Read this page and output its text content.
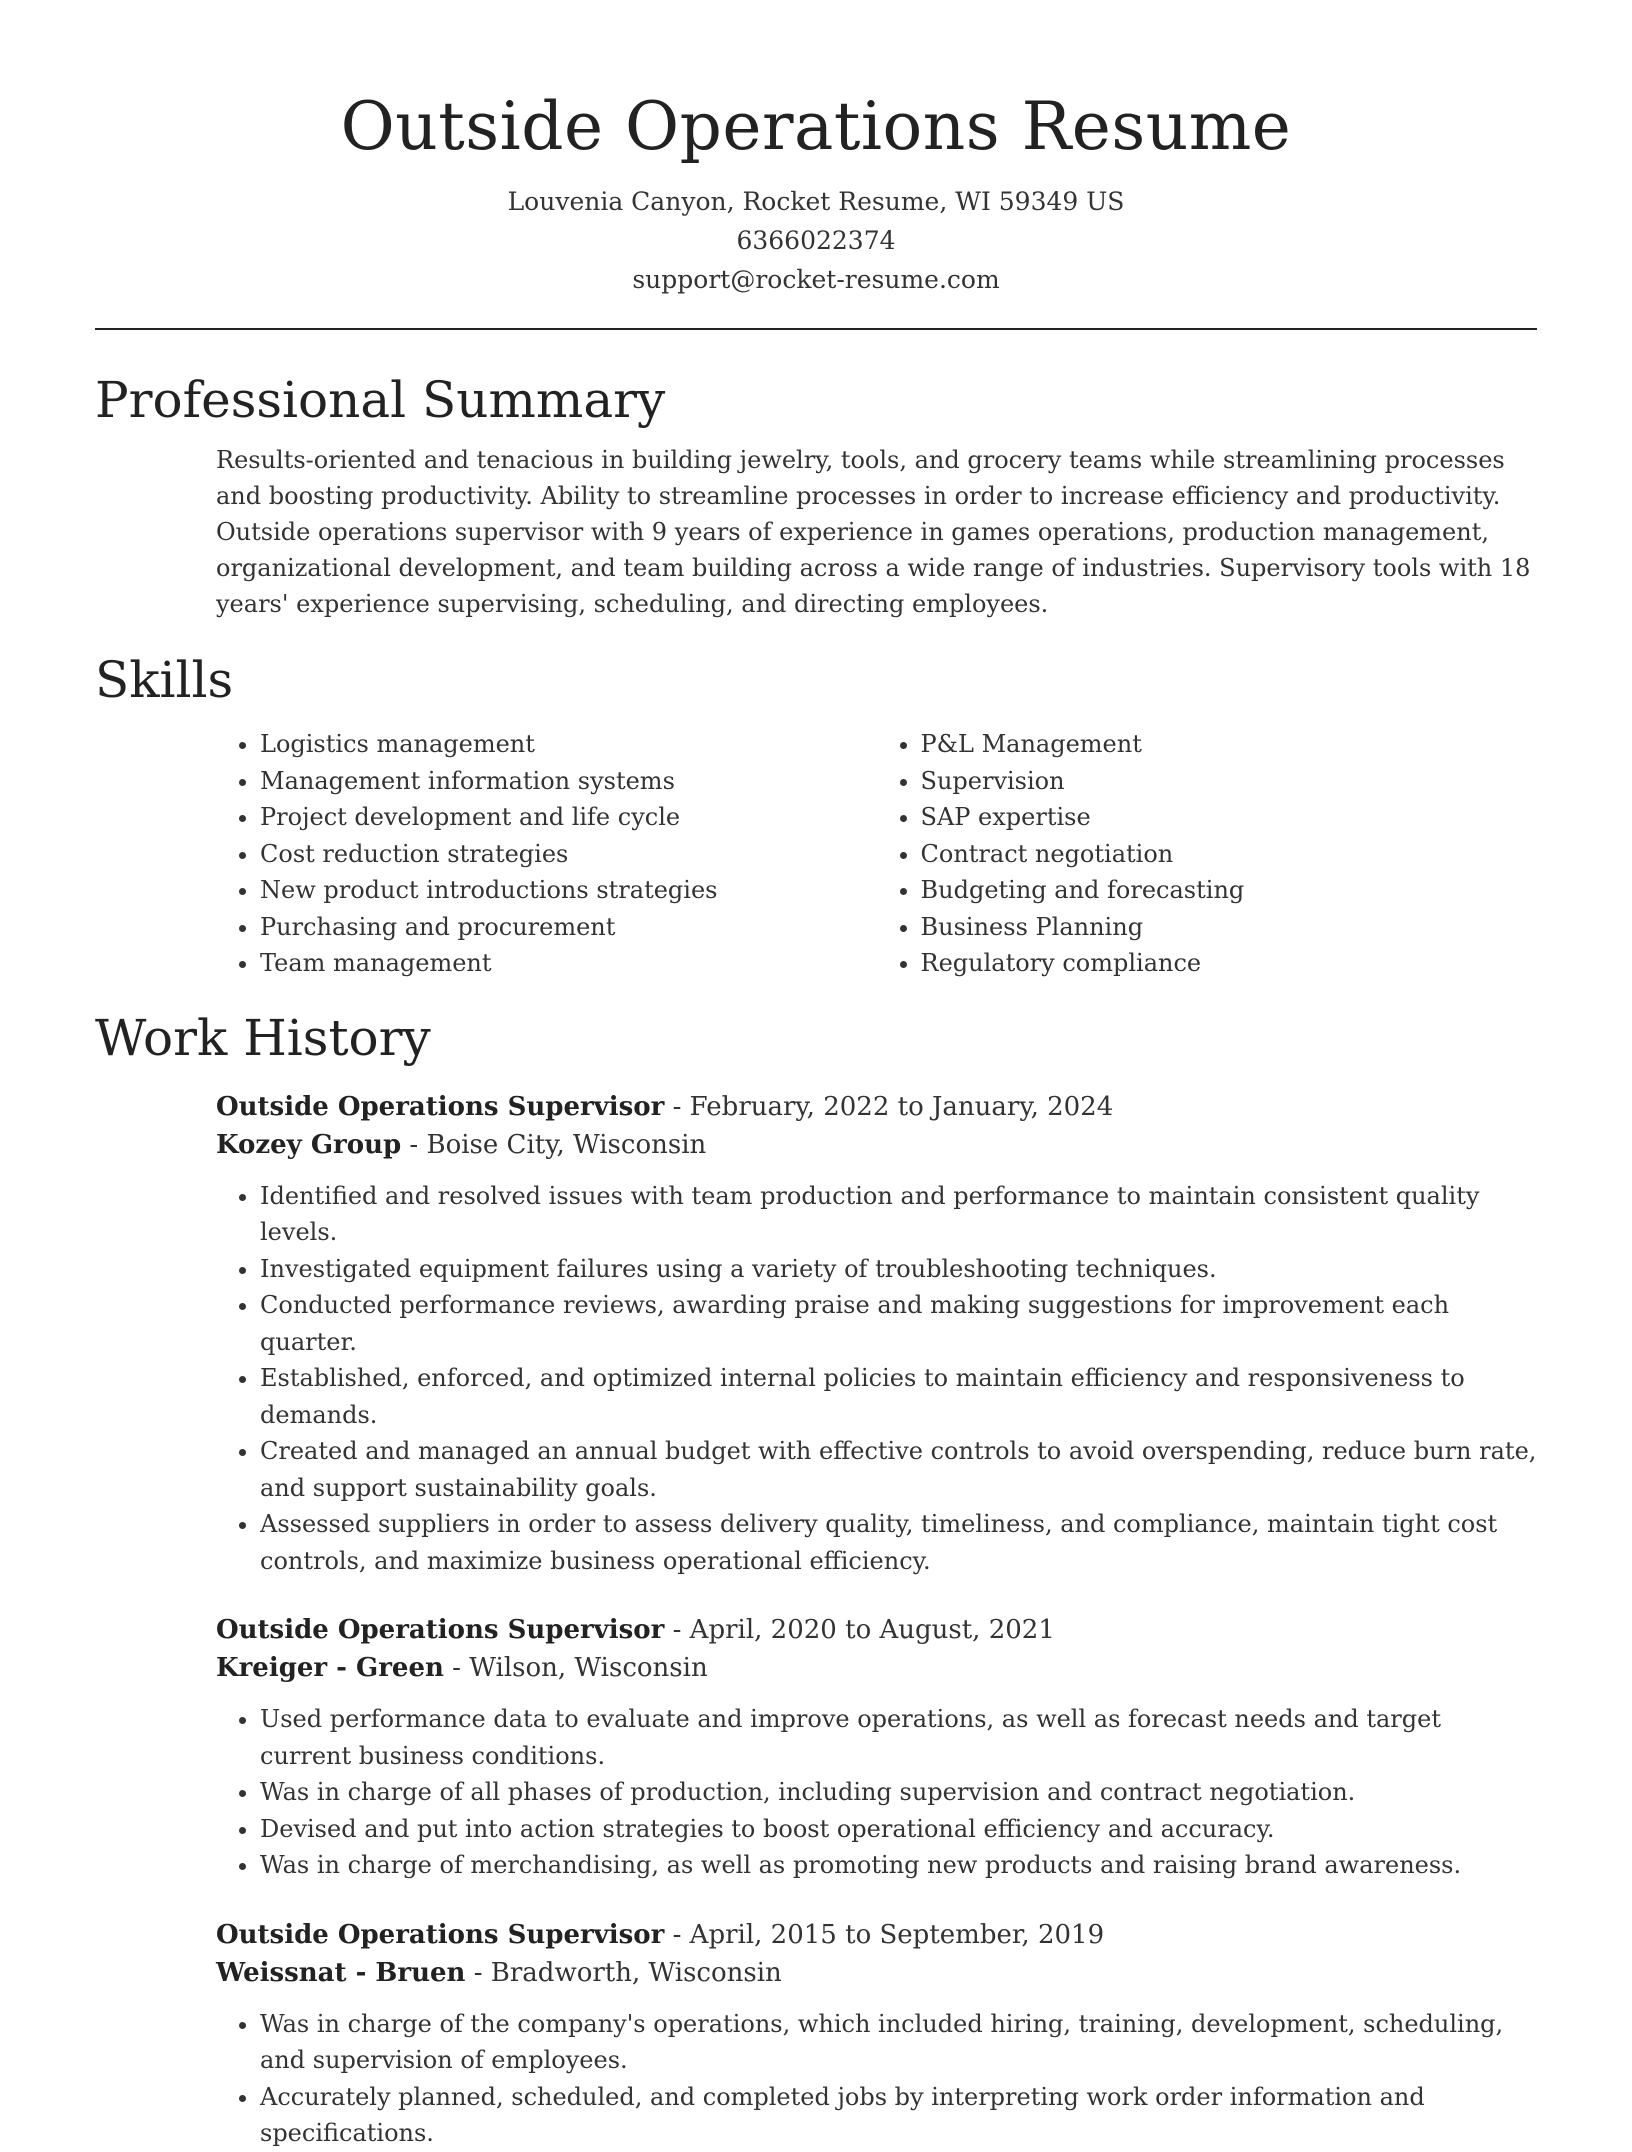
Outside Operations Resume

Louvenia Canyon, Rocket Resume, WI 59349 US

6366022374

support@rocket-resume.com

Professional Summary

Results-oriented and tenacious in building jewelry, tools, and grocery teams while streamlining processes and boosting productivity. Ability to streamline processes in order to increase efficiency and productivity. Outside operations supervisor with 9 years of experience in games operations, production management, organizational development, and team building across a wide range of industries. Supervisory tools with 18 years' experience supervising, scheduling, and directing employees.

Skills
• Logistics management
• Management information systems
• Project development and life cycle
• Cost reduction strategies
• New product introductions strategies
• Purchasing and procurement
• Team management
• P&L Management
• Supervision
• SAP expertise
• Contract negotiation
• Budgeting and forecasting
• Business Planning
• Regulatory compliance
Work History

Outside Operations Supervisor - February, 2022 to January, 2024

Kozey Group - Boise City, Wisconsin

• Identified and resolved issues with team production and performance to maintain consistent quality levels.
• Investigated equipment failures using a variety of troubleshooting techniques.
• Conducted performance reviews, awarding praise and making suggestions for improvement each quarter.
• Established, enforced, and optimized internal policies to maintain efficiency and responsiveness to demands.
• Created and managed an annual budget with effective controls to avoid overspending, reduce burn rate, and support sustainability goals.
• Assessed suppliers in order to assess delivery quality, timeliness, and compliance, maintain tight cost controls, and maximize business operational efficiency.

Outside Operations Supervisor - April, 2020 to August, 2021

Kreiger - Green - Wilson, Wisconsin

• Used performance data to evaluate and improve operations, as well as forecast needs and target current business conditions.
• Was in charge of all phases of production, including supervision and contract negotiation.
• Devised and put into action strategies to boost operational efficiency and accuracy.
• Was in charge of merchandising, as well as promoting new products and raising brand awareness.

Outside Operations Supervisor - April, 2015 to September, 2019

Weissnat - Bruen - Bradworth, Wisconsin

• Was in charge of the company's operations, which included hiring, training, development, scheduling, and supervision of employees.
• Accurately planned, scheduled, and completed jobs by interpreting work order information and specifications.
